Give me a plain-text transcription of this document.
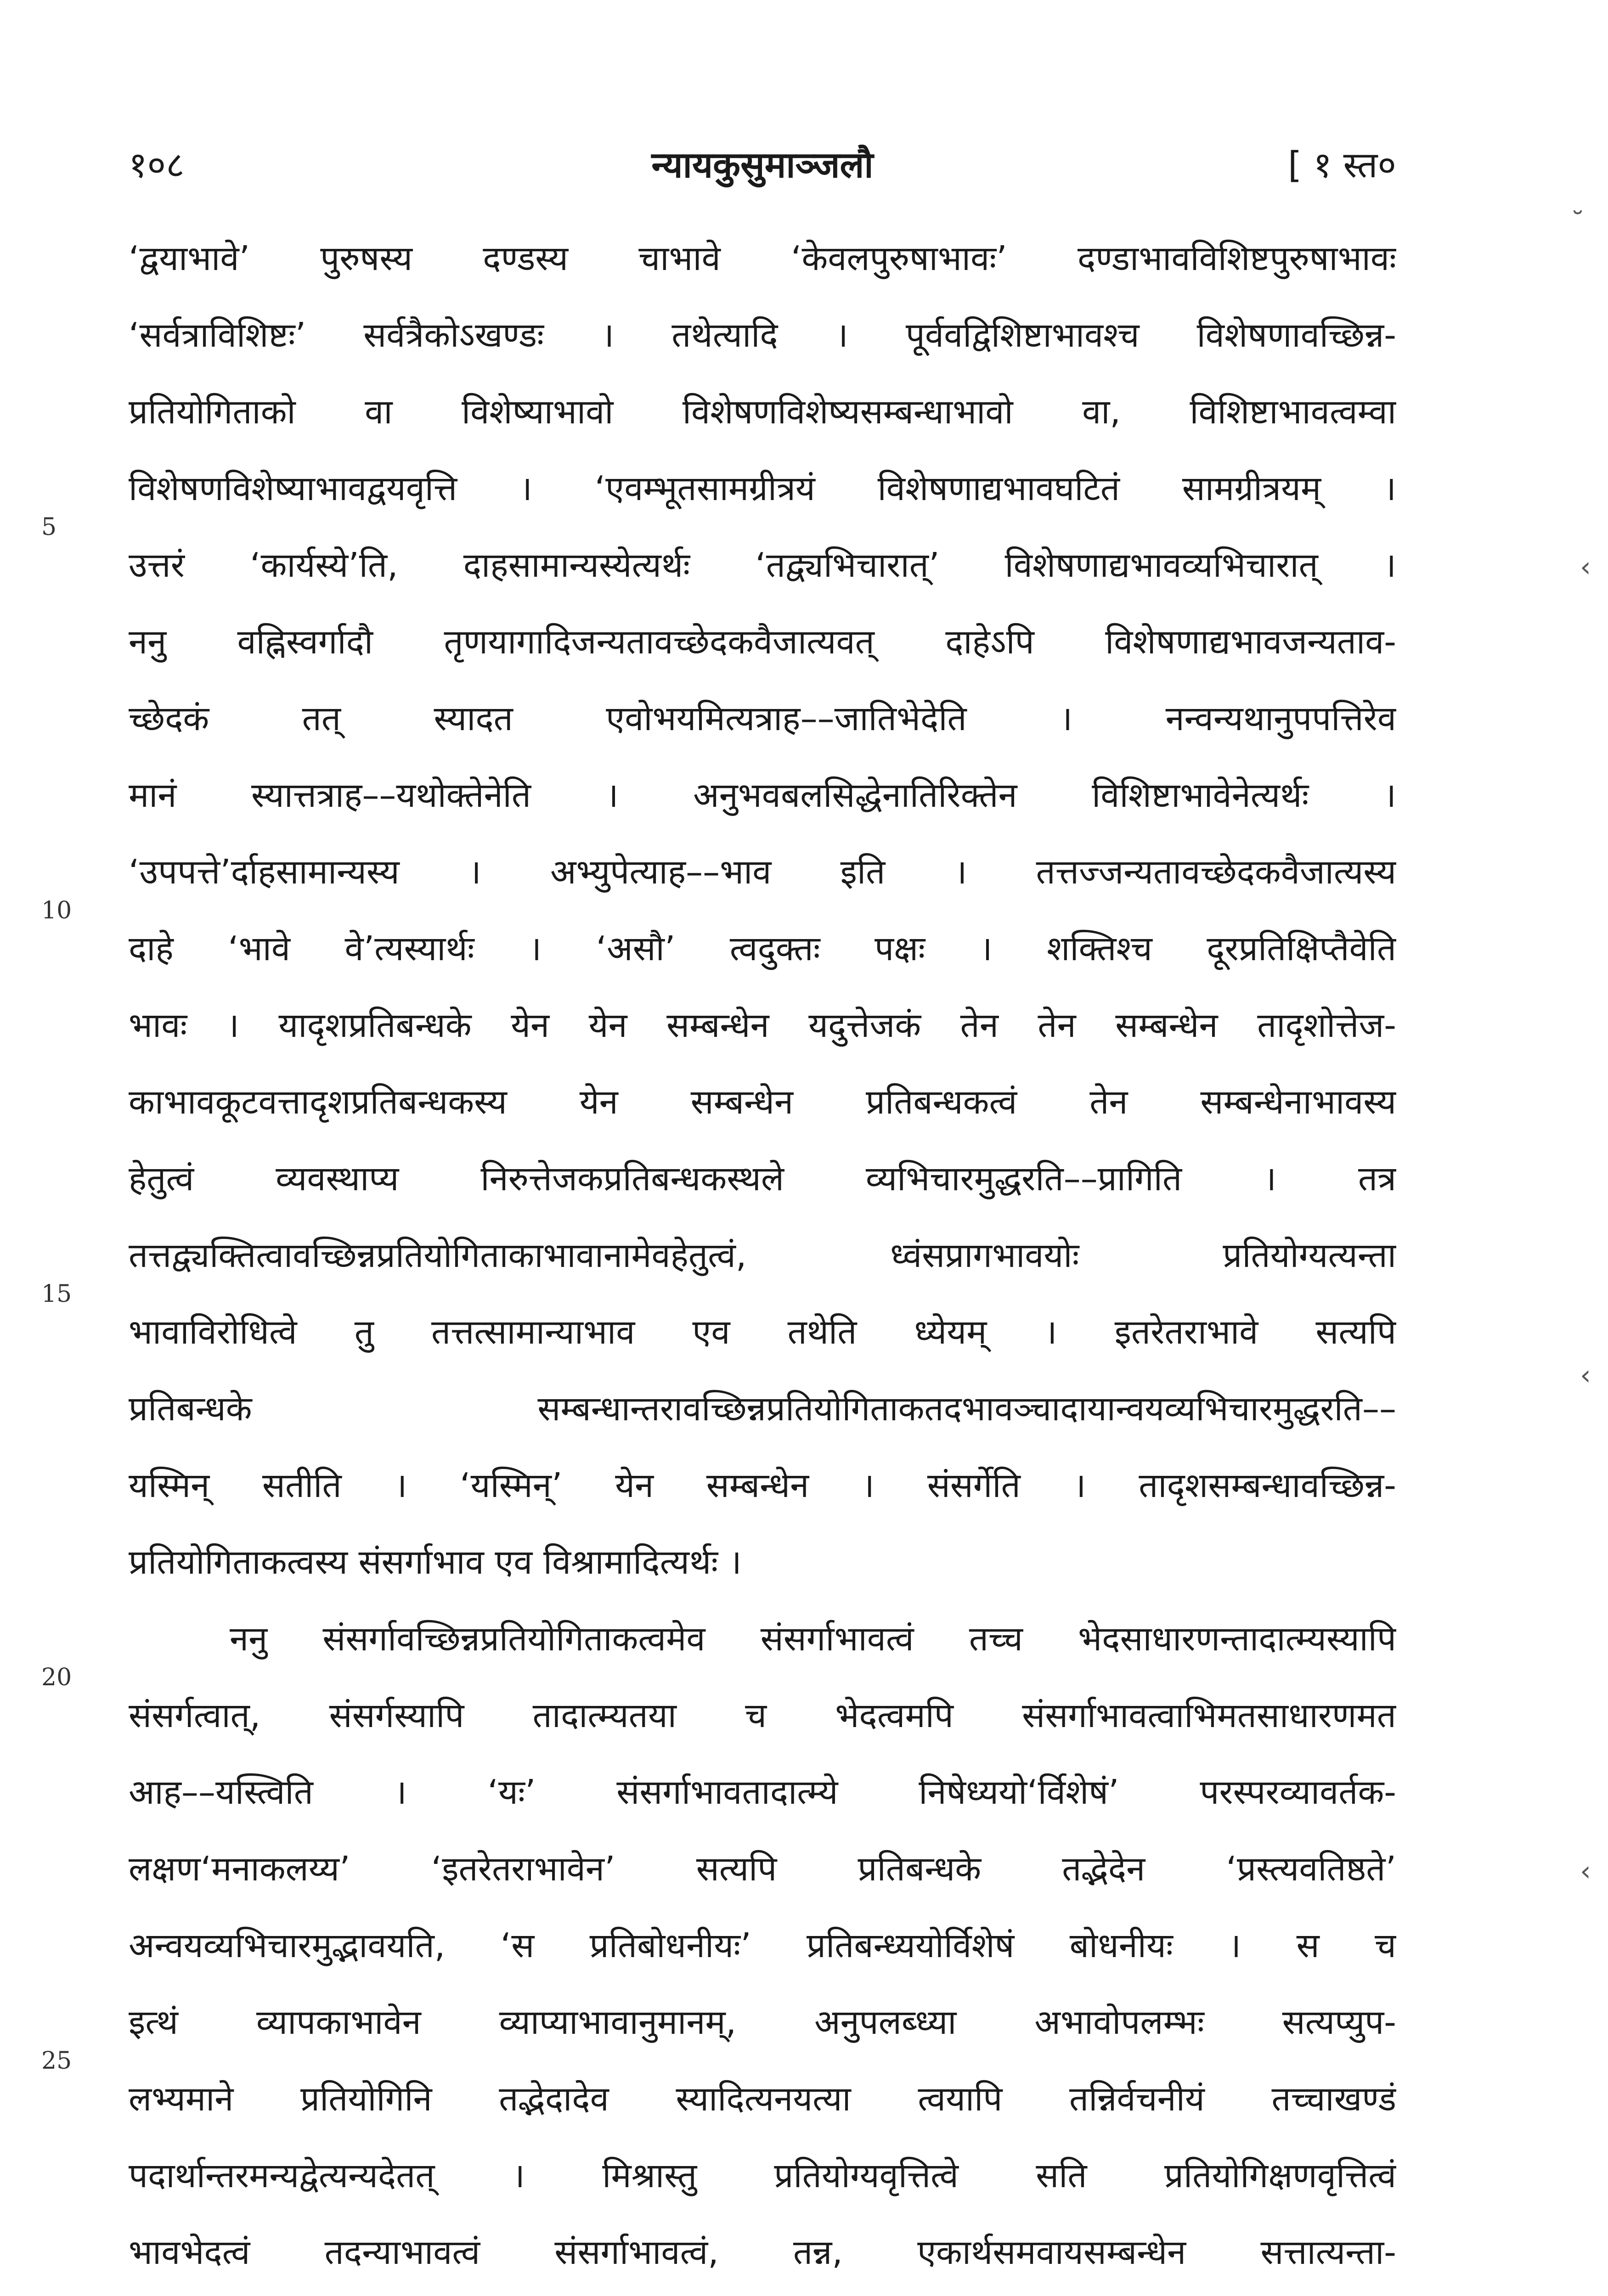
१०८	न्यायकुसुमाञ्जलौ	[ १ स्त०
5
10
15
20
25
˘
‹
‹
‹
‘द्वयाभावे’ पुरुषस्य दण्डस्य चाभावे ‘केवलपुरुषाभावः’ दण्डाभावविशिष्टपुरुषाभावः
‘सर्वत्राविशिष्टः’ सर्वत्रैकोऽखण्डः । तथेत्यादि । पूर्ववद्विशिष्टाभावश्च विशेषणावच्छिन्न-
प्रतियोगिताको वा विशेष्याभावो विशेषणविशेष्यसम्बन्धाभावो वा, विशिष्टाभावत्वम्वा
विशेषणविशेष्याभावद्वयवृत्ति । ‘एवम्भूतसामग्रीत्रयं विशेषणाद्यभावघटितं सामग्रीत्रयम् ।
उत्तरं ‘कार्यस्ये’ति, दाहसामान्यस्येत्यर्थः ‘तद्व्यभिचारात्’ विशेषणाद्यभावव्यभिचारात् ।
ननु वह्निस्वर्गादौ तृणयागादिजन्यतावच्छेदकवैजात्यवत् दाहेऽपि विशेषणाद्यभावजन्यताव-
च्छेदकं तत् स्यादत एवोभयमित्यत्राह––जातिभेदेति । नन्वन्यथानुपपत्तिरेव
मानं स्यात्तत्राह––यथोक्तेनेति । अनुभवबलसिद्धेनातिरिक्तेन विशिष्टाभावेनेत्यर्थः ।
‘उपपत्ते’र्दाहसामान्यस्य । अभ्युपेत्याह––भाव इति । तत्तज्जन्यतावच्छेदकवैजात्यस्य
दाहे ‘भावे वे’त्यस्यार्थः । ‘असौ’ त्वदुक्तः पक्षः । शक्तिश्च दूरप्रतिक्षिप्तैवेति
भावः । यादृशप्रतिबन्धके येन येन सम्बन्धेन यदुत्तेजकं तेन तेन सम्बन्धेन तादृशोत्तेज-
काभावकूटवत्तादृशप्रतिबन्धकस्य येन सम्बन्धेन प्रतिबन्धकत्वं तेन सम्बन्धेनाभावस्य
हेतुत्वं व्यवस्थाप्य निरुत्तेजकप्रतिबन्धकस्थले व्यभिचारमुद्धरति––प्रागिति । तत्र
तत्तद्व्यक्तित्वावच्छिन्नप्रतियोगिताकाभावानामेवहेतुत्वं, ध्वंसप्रागभावयोः प्रतियोग्यत्यन्ता
भावाविरोधित्वे तु तत्तत्सामान्याभाव एव तथेति ध्येयम् । इतरेतराभावे सत्यपि
प्रतिबन्धके सम्बन्धान्तरावच्छिन्नप्रतियोगिताकतदभावञ्चादायान्वयव्यभिचारमुद्धरति––
यस्मिन् सतीति । ‘यस्मिन्’ येन सम्बन्धेन । संसर्गेति । तादृशसम्बन्धावच्छिन्न-
प्रतियोगिताकत्वस्य संसर्गाभाव एव विश्रामादित्यर्थः ।
ननु संसर्गावच्छिन्नप्रतियोगिताकत्वमेव संसर्गाभावत्वं तच्च भेदसाधारणन्तादात्म्यस्यापि
संसर्गत्वात्, संसर्गस्यापि तादात्म्यतया च भेदत्वमपि संसर्गाभावत्वाभिमतसाधारणमत
आह––यस्त्विति । ‘यः’ संसर्गाभावतादात्म्ये निषेध्ययो‘र्विशेषं’ परस्परव्यावर्तक-
लक्षण‘मनाकलय्य’ ‘इतरेतराभावेन’ सत्यपि प्रतिबन्धके तद्भेदेन ‘प्रस्त्यवतिष्ठते’
अन्वयव्यभिचारमुद्भावयति, ‘स प्रतिबोधनीयः’ प्रतिबन्ध्ययोर्विशेषं बोधनीयः । स च
इत्थं व्यापकाभावेन व्याप्याभावानुमानम्, अनुपलब्ध्या अभावोपलम्भः सत्यप्युप-
लभ्यमाने प्रतियोगिनि तद्भेदादेव स्यादित्यनयत्या त्वयापि तन्निर्वचनीयं तच्चाखण्डं
पदार्थान्तरमन्यद्वेत्यन्यदेतत् । मिश्रास्तु प्रतियोग्यवृत्तित्वे सति प्रतियोगिक्षणवृत्तित्वं
भावभेदत्वं तदन्याभावत्वं संसर्गाभावत्वं, तन्न, एकार्थसमवायसम्बन्धेन सत्तात्यन्ता-
